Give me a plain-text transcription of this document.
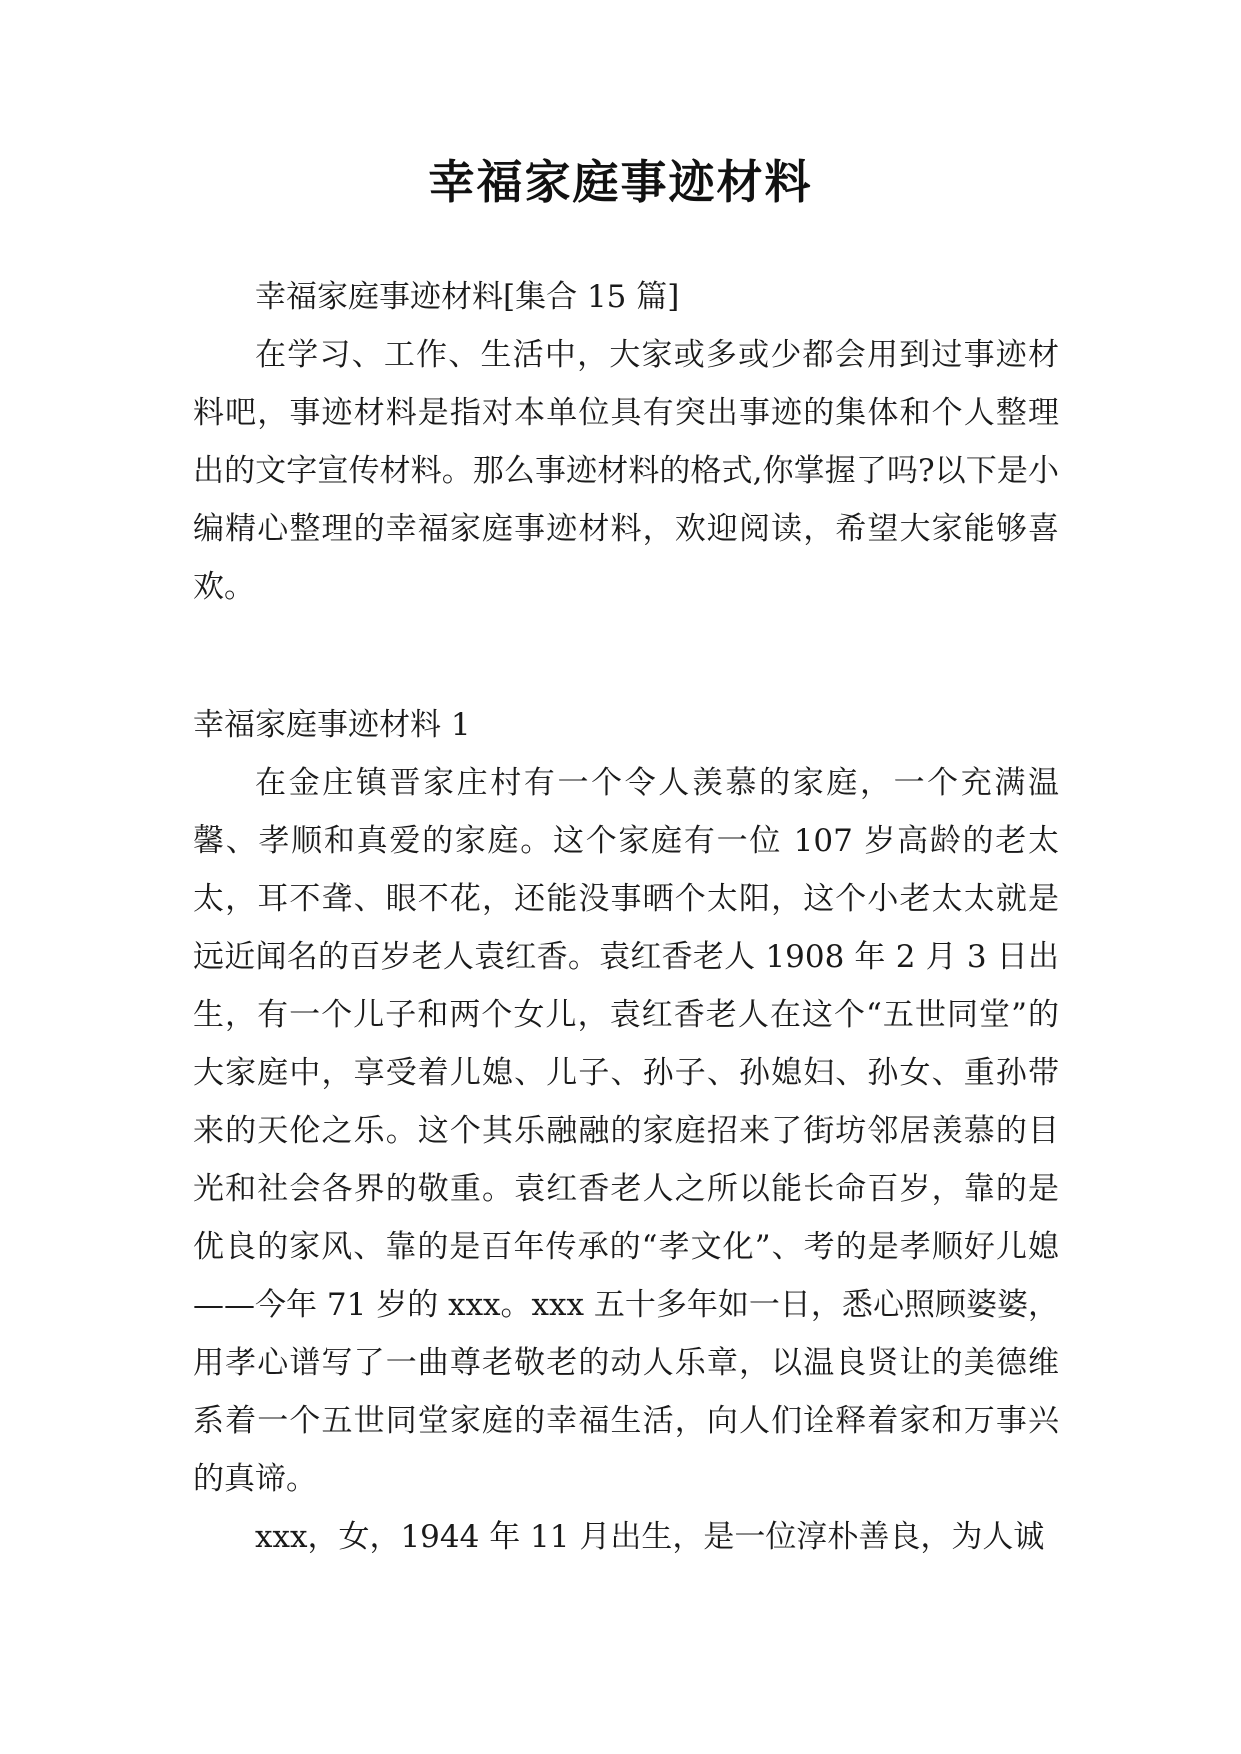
幸福家庭事迹材料

幸福家庭事迹材料[集合 15 篇]

在学习、工作、生活中，大家或多或少都会用到过事迹材料吧，事迹材料是指对本单位具有突出事迹的集体和个人整理出的文字宣传材料。那么事迹材料的格式,你掌握了吗?以下是小编精心整理的幸福家庭事迹材料，欢迎阅读，希望大家能够喜欢。

幸福家庭事迹材料 1

在金庄镇晋家庄村有一个令人羡慕的家庭，一个充满温馨、孝顺和真爱的家庭。这个家庭有一位 107 岁高龄的老太太，耳不聋、眼不花，还能没事晒个太阳，这个小老太太就是远近闻名的百岁老人袁红香。袁红香老人 1908 年 2 月 3 日出生，有一个儿子和两个女儿，袁红香老人在这个“五世同堂”的大家庭中，享受着儿媳、儿子、孙子、孙媳妇、孙女、重孙带来的天伦之乐。这个其乐融融的家庭招来了街坊邻居羡慕的目光和社会各界的敬重。袁红香老人之所以能长命百岁，靠的是优良的家风、靠的是百年传承的“孝文化”、考的是孝顺好儿媳——今年 71 岁的 xxx。xxx 五十多年如一日，悉心照顾婆婆，用孝心谱写了一曲尊老敬老的动人乐章，以温良贤让的美德维系着一个五世同堂家庭的幸福生活，向人们诠释着家和万事兴的真谛。

xxx，女，1944 年 11 月出生，是一位淳朴善良，为人诚
